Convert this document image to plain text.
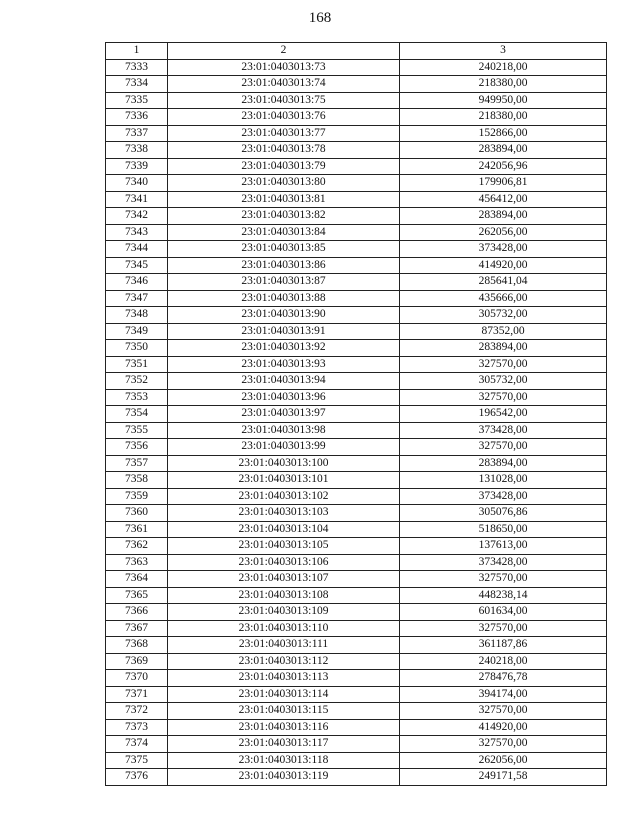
168
1	2	3
7333	23:01:0403013:73	240218,00
7334	23:01:0403013:74	218380,00
7335	23:01:0403013:75	949950,00
7336	23:01:0403013:76	218380,00
7337	23:01:0403013:77	152866,00
7338	23:01:0403013:78	283894,00
7339	23:01:0403013:79	242056,96
7340	23:01:0403013:80	179906,81
7341	23:01:0403013:81	456412,00
7342	23:01:0403013:82	283894,00
7343	23:01:0403013:84	262056,00
7344	23:01:0403013:85	373428,00
7345	23:01:0403013:86	414920,00
7346	23:01:0403013:87	285641,04
7347	23:01:0403013:88	435666,00
7348	23:01:0403013:90	305732,00
7349	23:01:0403013:91	87352,00
7350	23:01:0403013:92	283894,00
7351	23:01:0403013:93	327570,00
7352	23:01:0403013:94	305732,00
7353	23:01:0403013:96	327570,00
7354	23:01:0403013:97	196542,00
7355	23:01:0403013:98	373428,00
7356	23:01:0403013:99	327570,00
7357	23:01:0403013:100	283894,00
7358	23:01:0403013:101	131028,00
7359	23:01:0403013:102	373428,00
7360	23:01:0403013:103	305076,86
7361	23:01:0403013:104	518650,00
7362	23:01:0403013:105	137613,00
7363	23:01:0403013:106	373428,00
7364	23:01:0403013:107	327570,00
7365	23:01:0403013:108	448238,14
7366	23:01:0403013:109	601634,00
7367	23:01:0403013:110	327570,00
7368	23:01:0403013:111	361187,86
7369	23:01:0403013:112	240218,00
7370	23:01:0403013:113	278476,78
7371	23:01:0403013:114	394174,00
7372	23:01:0403013:115	327570,00
7373	23:01:0403013:116	414920,00
7374	23:01:0403013:117	327570,00
7375	23:01:0403013:118	262056,00
7376	23:01:0403013:119	249171,58
